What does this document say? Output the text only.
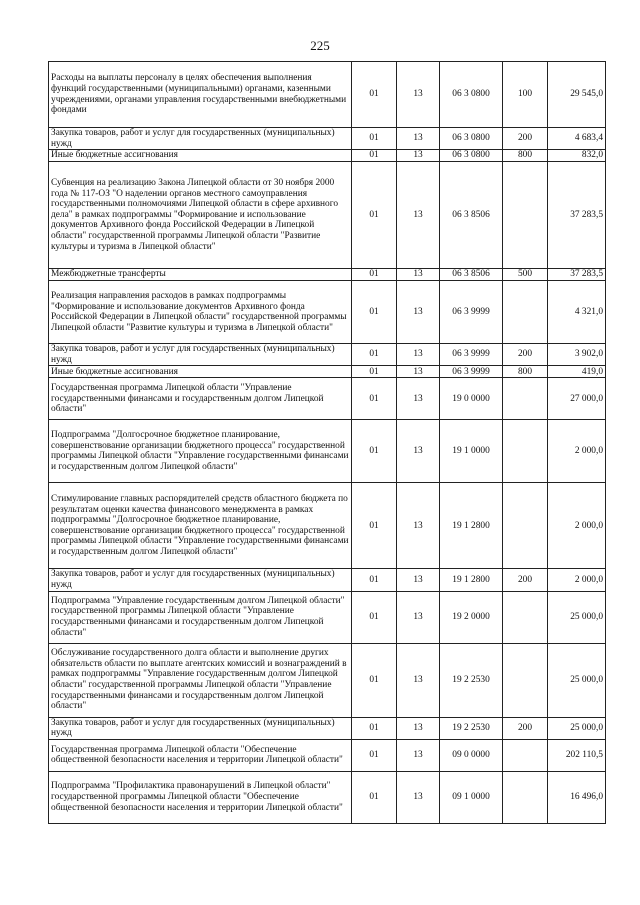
225
Расходы на выплаты персоналу в целях обеспечения выполнения функций государственными (муниципальными) органами, казенными учреждениями, органами управления государственными внебюджетными фондами	01	13	06 3 0800	100	29 545,0
Закупка товаров, работ и услуг для государственных (муниципальных) нужд	01	13	06 3 0800	200	4 683,4
Иные бюджетные ассигнования	01	13	06 3 0800	800	832,0
Субвенция на реализацию Закона Липецкой области от 30 ноября 2000 года № 117-ОЗ "О наделении органов местного самоуправления государственными полномочиями Липецкой области в сфере архивного дела" в рамках подпрограммы "Формирование и использование документов Архивного фонда Российской Федерации в Липецкой области" государственной программы Липецкой области "Развитие культуры и туризма в Липецкой области"	01	13	06 3 8506		37 283,5
Межбюджетные трансферты	01	13	06 3 8506	500	37 283,5
Реализация направления расходов в рамках подпрограммы "Формирование и использование документов Архивного фонда Российской Федерации в Липецкой области" государственной программы Липецкой области "Развитие культуры и туризма в Липецкой области"	01	13	06 3 9999		4 321,0
Закупка товаров, работ и услуг для государственных (муниципальных) нужд	01	13	06 3 9999	200	3 902,0
Иные бюджетные ассигнования	01	13	06 3 9999	800	419,0
Государственная программа Липецкой области "Управление государственными финансами и государственным долгом Липецкой области"	01	13	19 0 0000		27 000,0
Подпрограмма "Долгосрочное бюджетное планирование, совершенствование организации бюджетного процесса" государственной программы Липецкой области "Управление государственными финансами и государственным долгом Липецкой области"	01	13	19 1 0000		2 000,0
Стимулирование главных распорядителей средств областного бюджета по результатам оценки качества финансового менеджмента в рамках подпрограммы "Долгосрочное бюджетное планирование, совершенствование организации бюджетного процесса" государственной программы Липецкой области "Управление государственными финансами и государственным долгом Липецкой области"	01	13	19 1 2800		2 000,0
Закупка товаров, работ и услуг для государственных (муниципальных) нужд	01	13	19 1 2800	200	2 000,0
Подпрограмма "Управление государственным долгом Липецкой области" государственной программы Липецкой области "Управление государственными финансами и государственным долгом Липецкой области"	01	13	19 2 0000		25 000,0
Обслуживание государственного долга области и выполнение других обязательств области по выплате агентских комиссий и вознаграждений в рамках подпрограммы "Управление государственным долгом Липецкой области" государственной программы Липецкой области "Управление государственными финансами и государственным долгом Липецкой области"	01	13	19 2 2530		25 000,0
Закупка товаров, работ и услуг для государственных (муниципальных) нужд	01	13	19 2 2530	200	25 000,0
Государственная программа Липецкой области "Обеспечение общественной безопасности населения и территории Липецкой области"	01	13	09 0 0000		202 110,5
Подпрограмма "Профилактика правонарушений в Липецкой области" государственной программы Липецкой области "Обеспечение общественной безопасности населения и территории Липецкой области"	01	13	09 1 0000		16 496,0
